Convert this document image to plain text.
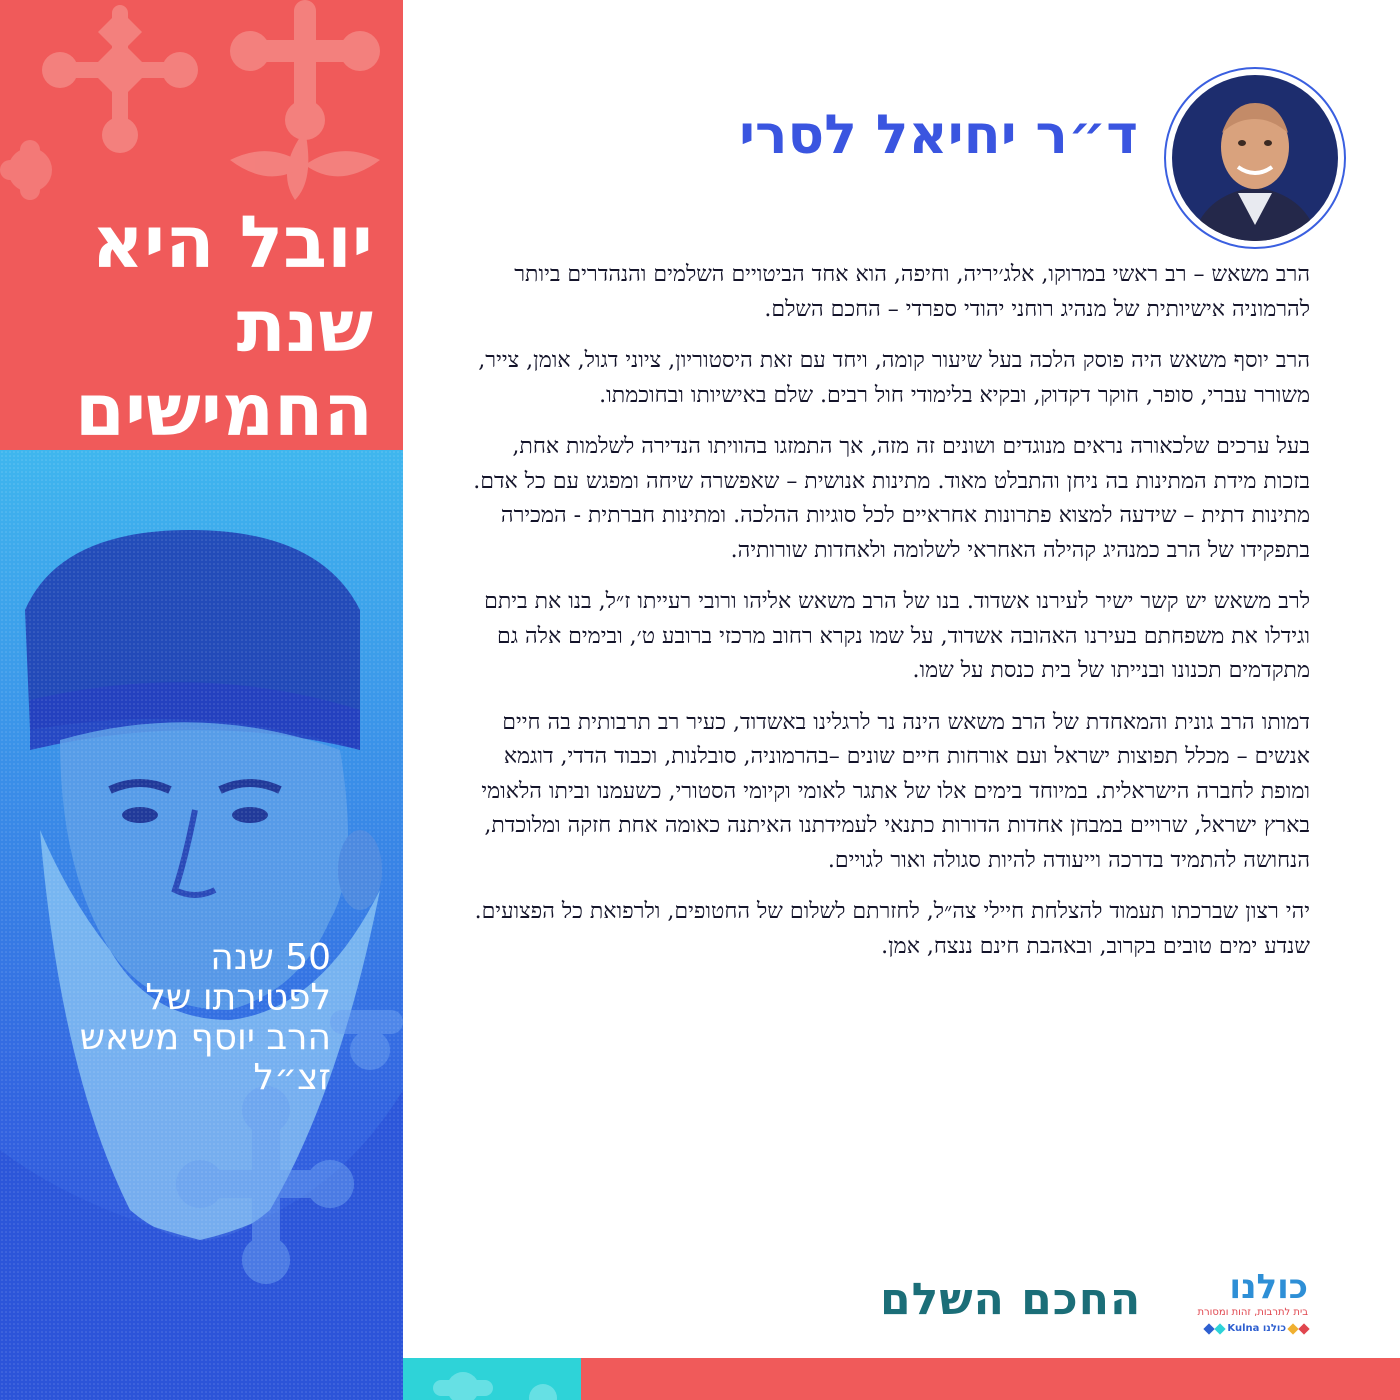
יובל היא
שנת
החמישים
50 שנה
לפטירתו של
הרב יוסף משאש
זצ״ל
ד״ר יחיאל לסרי

הרב משאש – רב ראשי במרוקו, אלג׳יריה, וחיפה, הוא אחד הביטויים השלמים והנהדרים ביותר להרמוניה אישיותית של מנהיג רוחני יהודי ספרדי – החכם השלם.

הרב יוסף משאש היה פוסק הלכה בעל שיעור קומה, ויחד עם זאת היסטוריון, ציוני דגול, אומן, צייר, משורר עברי, סופר, חוקר דקדוק, ובקיא בלימודי חול רבים. שלם באישיותו ובחוכמתו.

בעל ערכים שלכאורה נראים מנוגדים ושונים זה מזה, אך התמזגו בהוויתו הנדירה לשלמות אחת, בזכות מידת המתינות בה ניחן והתבלט מאוד. מתינות אנושית – שאפשרה שיחה ומפגש עם כל אדם. מתינות דתית – שידעה למצוא פתרונות אחראיים לכל סוגיות ההלכה. ומתינות חברתית - המכירה בתפקידו של הרב כמנהיג קהילה האחראי לשלומה ולאחדות שורותיה.

לרב משאש יש קשר ישיר לעירנו אשדוד. בנו של הרב משאש אליהו ורובי רעייתו ז״ל, בנו את ביתם וגידלו את משפחתם בעירנו האהובה אשדוד, על שמו נקרא רחוב מרכזי ברובע ט׳, ובימים אלה גם מתקדמים תכנונו ובנייתו של בית כנסת על שמו.

דמותו הרב גונית והמאחדת של הרב משאש הינה נר לרגלינו באשדוד, כעיר רב תרבותית בה חיים אנשים – מכלל תפוצות ישראל ועם אורחות חיים שונים –בהרמוניה, סובלנות, וכבוד הדדי, דוגמא ומופת לחברה הישראלית. במיוחד בימים אלו של אתגר לאומי וקיומי הסטורי, כשעמנו וביתו הלאומי בארץ ישראל, שרויים במבחן אחדות הדורות כתנאי לעמידתנו האיתנה כאומה אחת חזקה ומלוכדת, הנחושה להתמיד בדרכה וייעודה להיות סגולה ואור לגויים.

יהי רצון שברכתו תעמוד להצלחת חיילי צה״ל, לחזרתם לשלום של החטופים, ולרפואת כל הפצועים. שנדע ימים טובים בקרוב, ובאהבת חינם ננצח, אמן.

החכם השלם	כולנו
בית לתרבות, זהות ומסורת
Kulna כולנו
